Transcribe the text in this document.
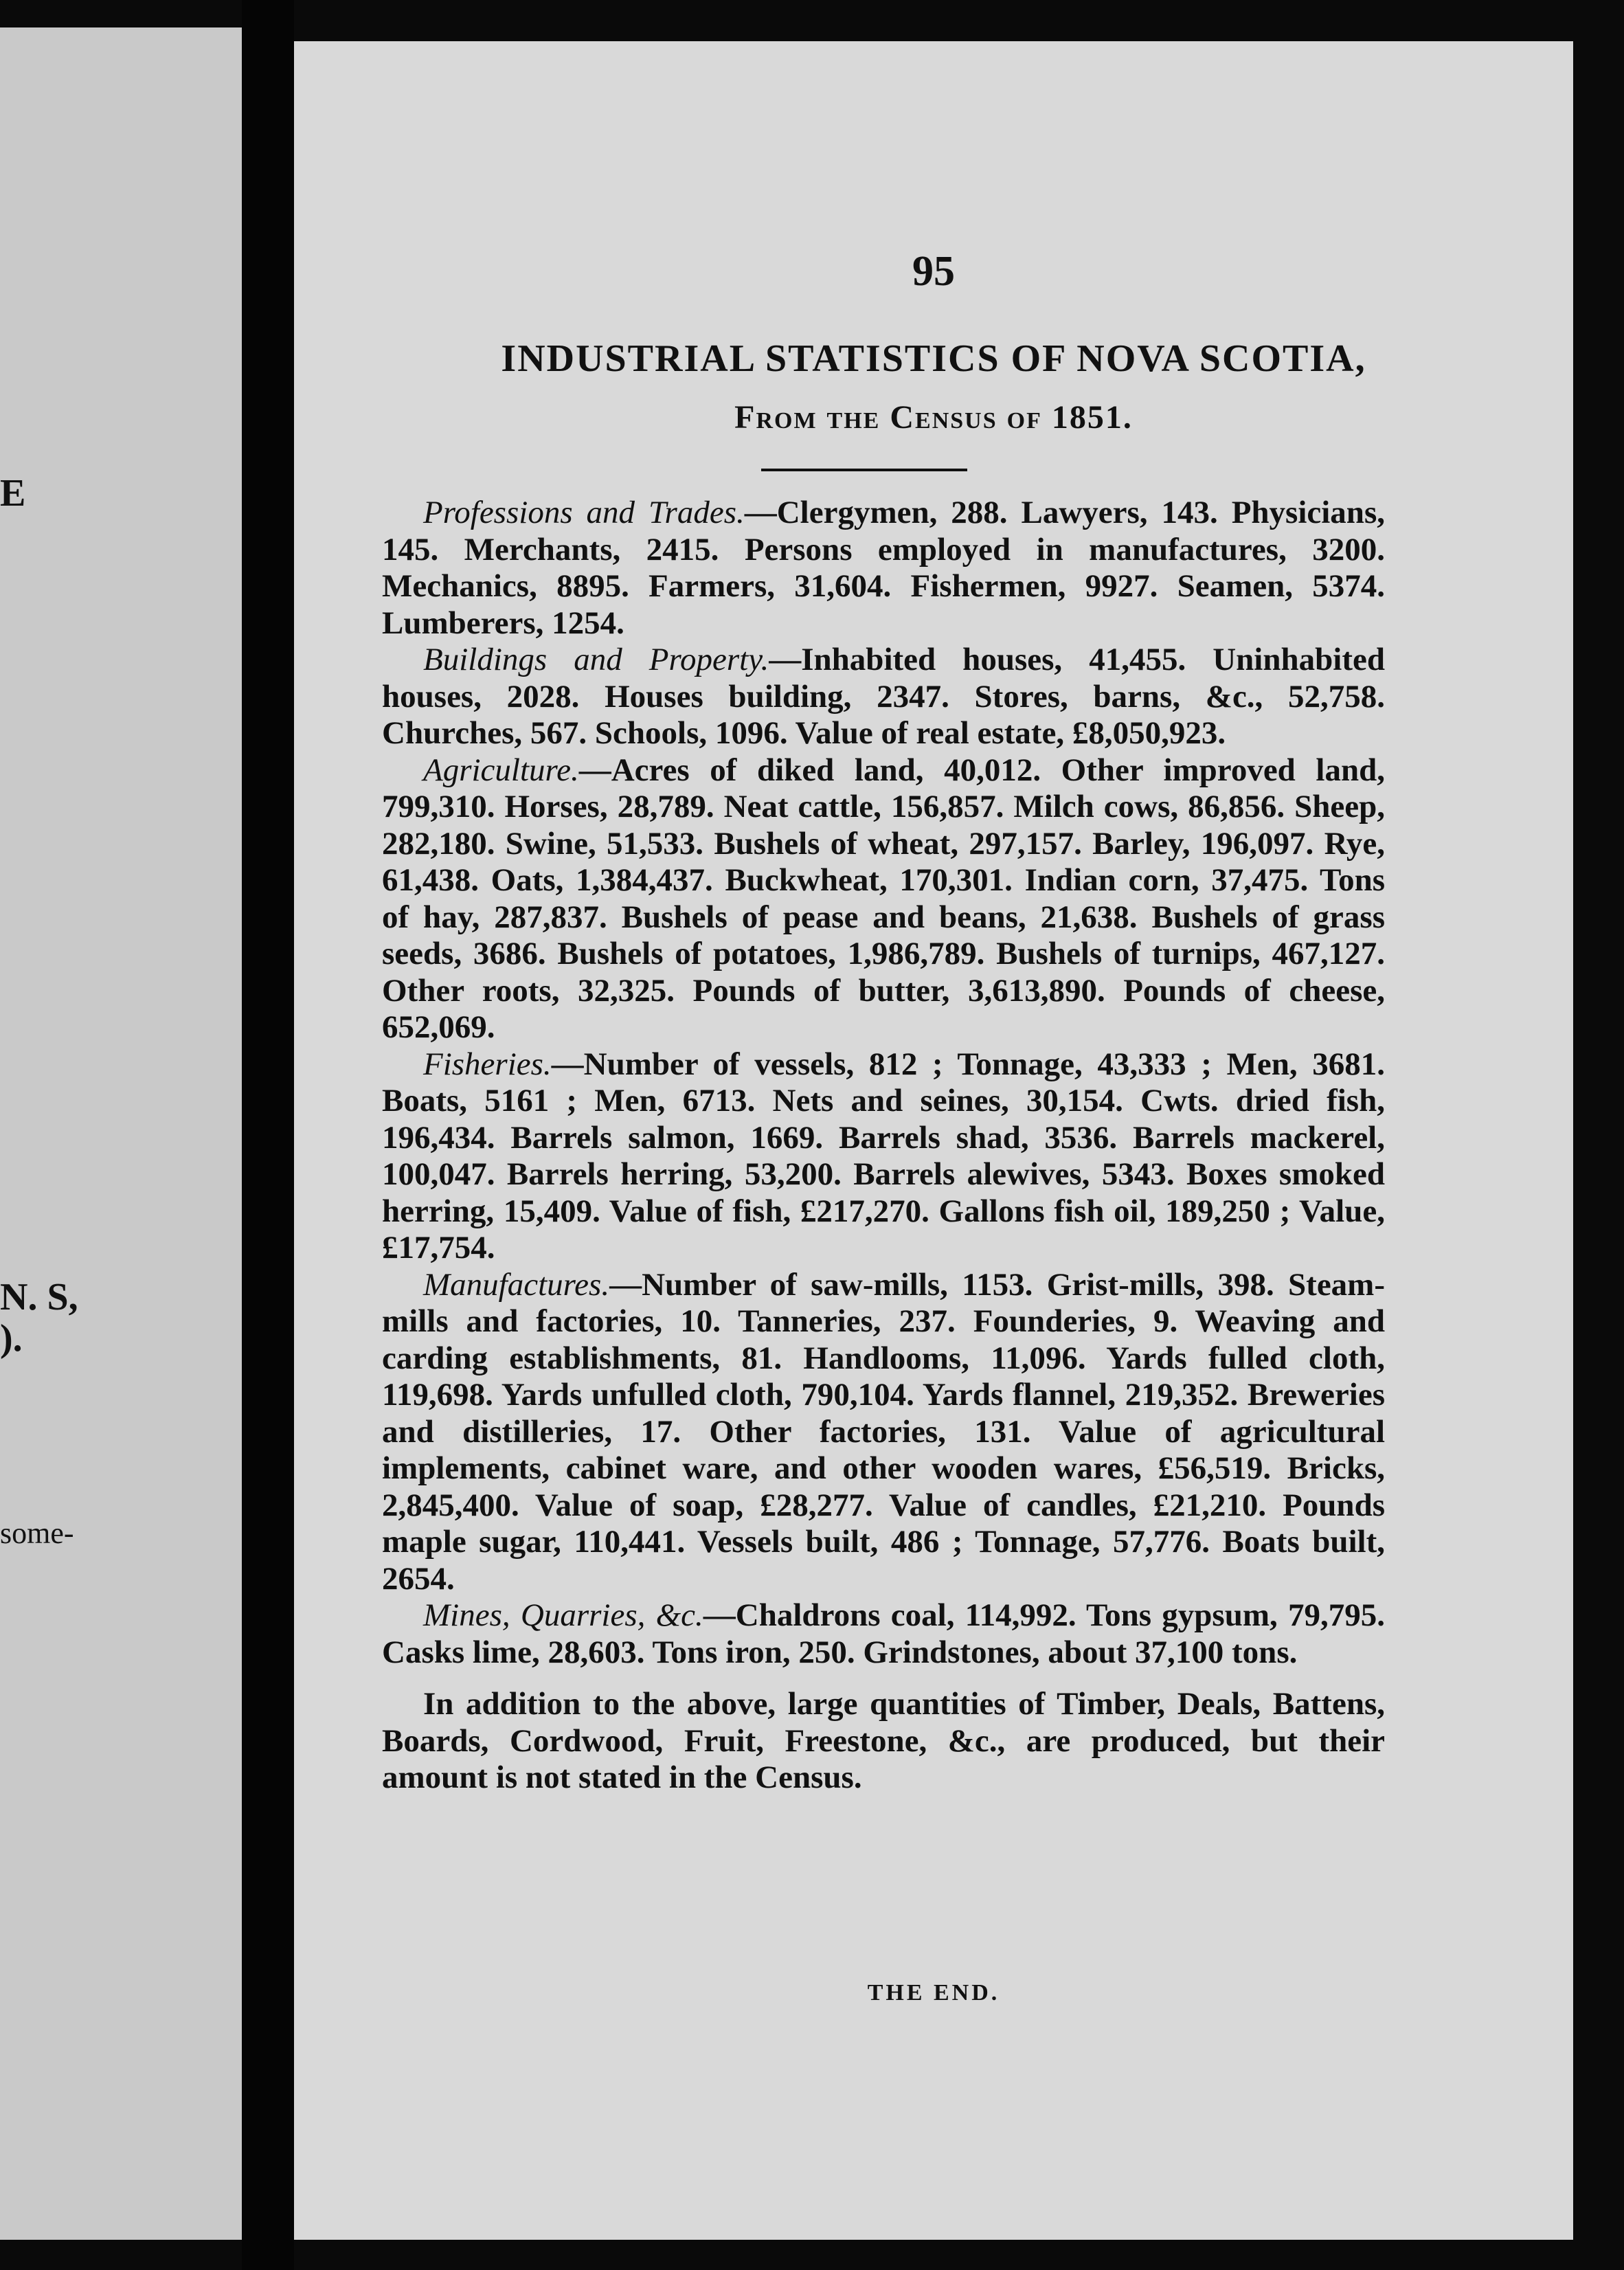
E
N. S,
).
some-
95
INDUSTRIAL STATISTICS OF NOVA SCOTIA,
From the Census of 1851.

Professions and Trades.—Clergymen, 288. Lawyers, 143. Physicians, 145. Merchants, 2415. Persons employed in manufactures, 3200. Mechanics, 8895. Farmers, 31,604. Fishermen, 9927. Seamen, 5374. Lumberers, 1254.

Buildings and Property.—Inhabited houses, 41,455. Uninhabited houses, 2028. Houses building, 2347. Stores, barns, &c., 52,758. Churches, 567. Schools, 1096. Value of real estate, £8,050,923.

Agriculture.—Acres of diked land, 40,012. Other improved land, 799,310. Horses, 28,789. Neat cattle, 156,857. Milch cows, 86,856. Sheep, 282,180. Swine, 51,533. Bushels of wheat, 297,157. Barley, 196,097. Rye, 61,438. Oats, 1,384,437. Buckwheat, 170,301. Indian corn, 37,475. Tons of hay, 287,837. Bushels of pease and beans, 21,638. Bushels of grass seeds, 3686. Bushels of potatoes, 1,986,789. Bushels of turnips, 467,127. Other roots, 32,325. Pounds of butter, 3,613,890. Pounds of cheese, 652,069.

Fisheries.—Number of vessels, 812 ; Tonnage, 43,333 ; Men, 3681. Boats, 5161 ; Men, 6713. Nets and seines, 30,154. Cwts. dried fish, 196,434. Barrels salmon, 1669. Barrels shad, 3536. Barrels mackerel, 100,047. Barrels herring, 53,200. Barrels alewives, 5343. Boxes smoked herring, 15,409. Value of fish, £217,270. Gallons fish oil, 189,250 ; Value, £17,754.

Manufactures.—Number of saw-mills, 1153. Grist-mills, 398. Steam-mills and factories, 10. Tanneries, 237. Founderies, 9. Weaving and carding establishments, 81. Handlooms, 11,096. Yards fulled cloth, 119,698. Yards unfulled cloth, 790,104. Yards flannel, 219,352. Breweries and distilleries, 17. Other factories, 131. Value of agricultural implements, cabinet ware, and other wooden wares, £56,519. Bricks, 2,845,400. Value of soap, £28,277. Value of candles, £21,210. Pounds maple sugar, 110,441. Vessels built, 486 ; Tonnage, 57,776. Boats built, 2654.

Mines, Quarries, &c.—Chaldrons coal, 114,992. Tons gypsum, 79,795. Casks lime, 28,603. Tons iron, 250. Grindstones, about 37,100 tons.

In addition to the above, large quantities of Timber, Deals, Battens, Boards, Cordwood, Fruit, Freestone, &c., are produced, but their amount is not stated in the Census.

THE END.
